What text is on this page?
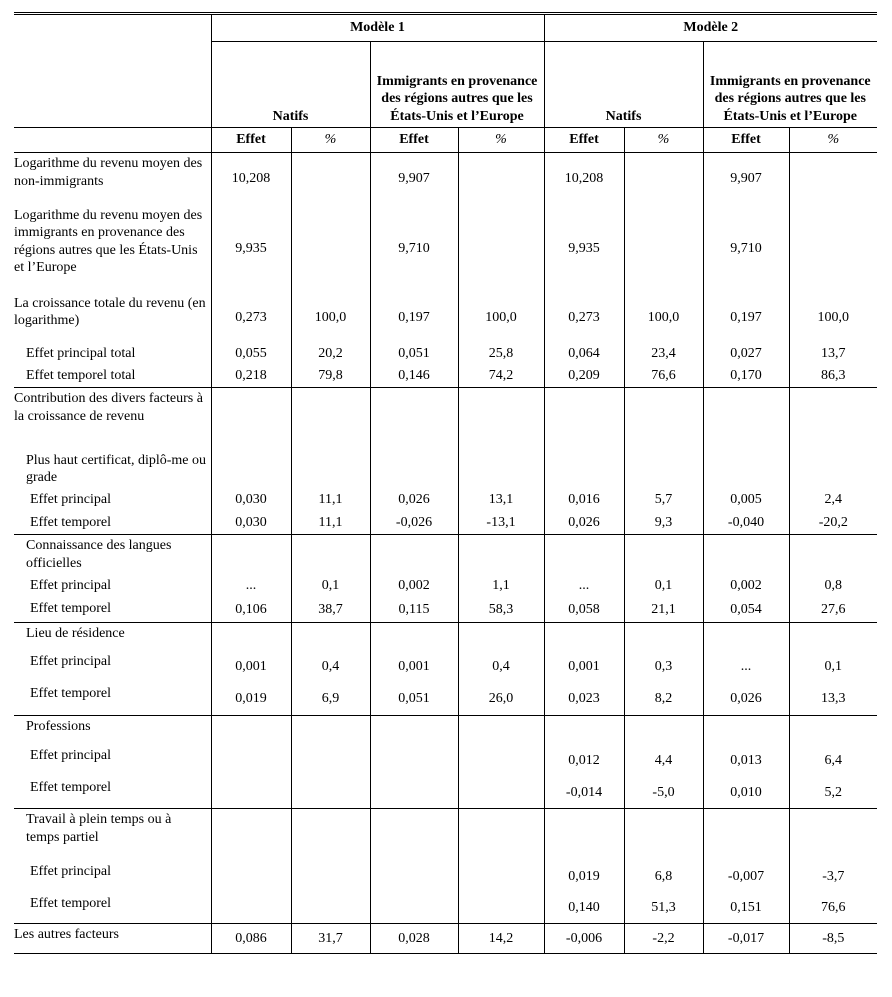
	Modèle 1				Modèle 2			
	Natifs		Immigrants en provenance des régions autres que les États-Unis et l’Europe		Natifs		Immigrants en provenance des régions autres que les États-Unis et l’Europe	
	Effet	%	Effet	%	Effet	%	Effet	%
Logarithme du revenu moyen des non-immigrants	10,208		9,907		10,208		9,907	
Logarithme du revenu moyen des immigrants en provenance des régions autres que les États-Unis et l’Europe	9,935		9,710		9,935		9,710	
La croissance totale du revenu (en logarithme)	0,273	100,0	0,197	100,0	0,273	100,0	0,197	100,0
Effet principal total	0,055	20,2	0,051	25,8	0,064	23,4	0,027	13,7
Effet temporel total	0,218	79,8	0,146	74,2	0,209	76,6	0,170	86,3
Contribution des divers facteurs à la croissance de revenu								
Plus haut certificat, diplô-me ou grade								
Effet principal	0,030	11,1	0,026	13,1	0,016	5,7	0,005	2,4
Effet temporel	0,030	11,1	-0,026	-13,1	0,026	9,3	-0,040	-20,2
Connaissance des langues officielles								
Effet principal	...	0,1	0,002	1,1	...	0,1	0,002	0,8
Effet temporel	0,106	38,7	0,115	58,3	0,058	21,1	0,054	27,6
Lieu de résidence								
Effet principal	0,001	0,4	0,001	0,4	0,001	0,3	...	0,1
Effet temporel	0,019	6,9	0,051	26,0	0,023	8,2	0,026	13,3
Professions								
Effet principal					0,012	4,4	0,013	6,4
Effet temporel					-0,014	-5,0	0,010	5,2
Travail à plein temps ou à temps partiel								
Effet principal					0,019	6,8	-0,007	-3,7
Effet temporel					0,140	51,3	0,151	76,6
Les autres facteurs	0,086	31,7	0,028	14,2	-0,006	-2,2	-0,017	-8,5
